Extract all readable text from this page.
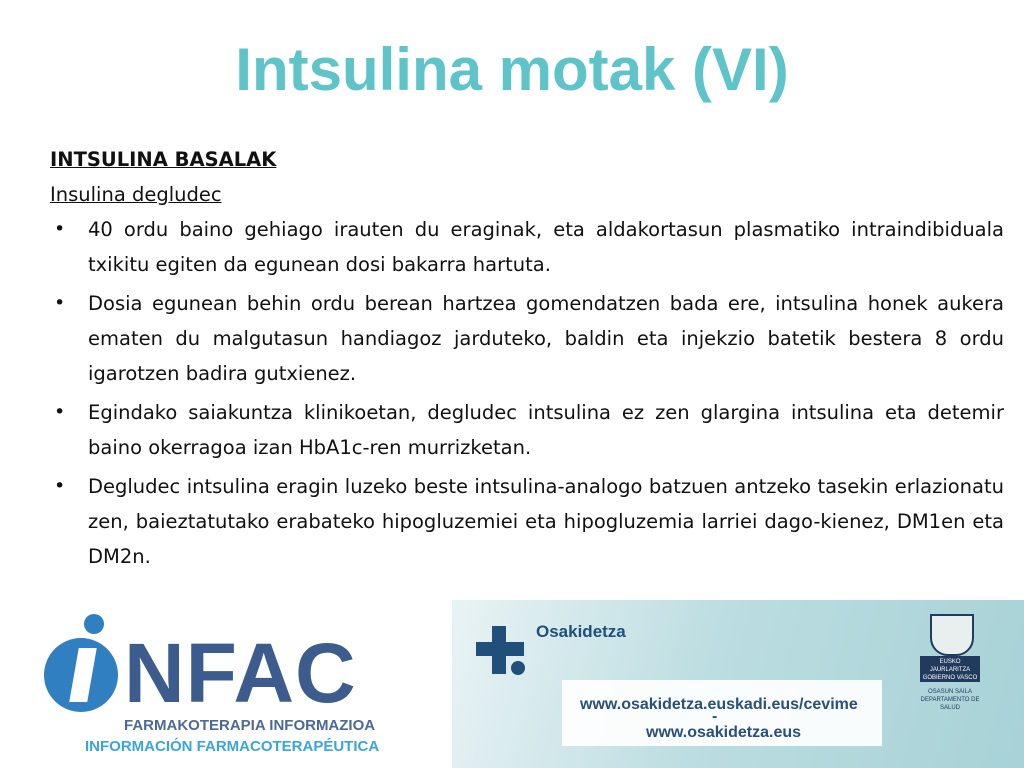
Intsulina motak (VI)
INTSULINA BASALAK
Insulina degludec
• 40 ordu baino gehiago irauten du eraginak, eta aldakortasun plasmatiko intraindibiduala txikitu egiten da egunean dosi bakarra hartuta.
• Dosia egunean behin ordu berean hartzea gomendatzen bada ere, intsulina honek aukera ematen du malgutasun handiagoz jarduteko, baldin eta injekzio batetik bestera 8 ordu igarotzen badira gutxienez.
• Egindako saiakuntza klinikoetan, degludec intsulina ez zen glargina intsulina eta detemir baino okerragoa izan HbA1c-ren murrizketan.
• Degludec intsulina eragin luzeko beste intsulina-analogo batzuen antzeko tasekin erlazionatu zen, baieztatutako erabateko hipogluzemiei eta hipogluzemia larriei dago-kienez, DM1en eta DM2n.
NFAC
FARMAKOTERAPIA INFORMAZIOA
INFORMACIÓN FARMACOTERAPÉUTICA
Osakidetza
www.osakidetza.euskadi.eus/cevime
-
www.osakidetza.eus
EUSKO JAURLARITZA GOBIERNO VASCO
OSASUN SAILA DEPARTAMENTO DE SALUD
